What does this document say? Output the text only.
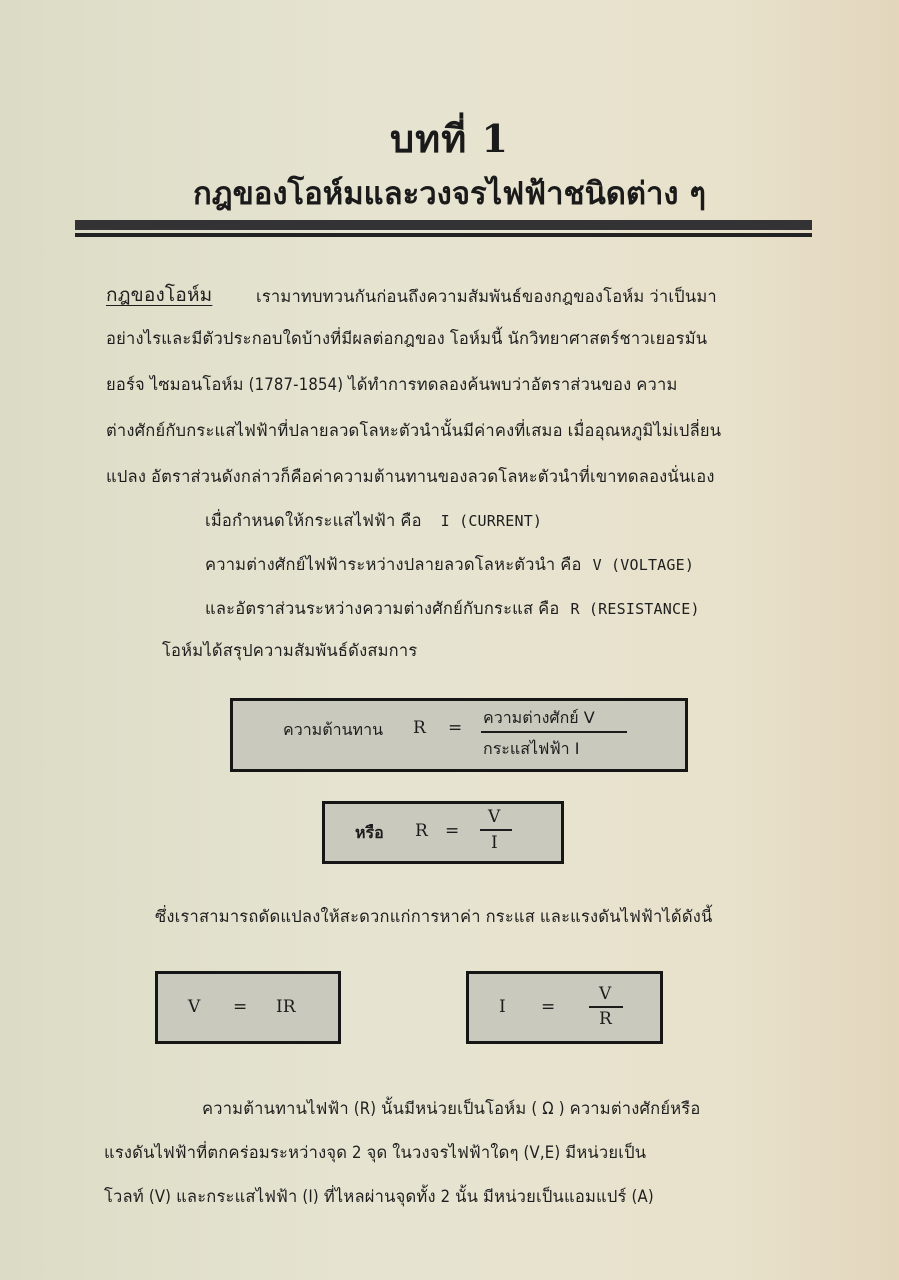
บทที่ 1
กฎของโอห์มและวงจรไฟฟ้าชนิดต่าง ๆ
กฎของโอห์ม	เรามาทบทวนกันก่อนถึงความสัมพันธ์ของกฎของโอห์ม ว่าเป็นมา
อย่างไรและมีตัวประกอบใดบ้างที่มีผลต่อกฎของ โอห์มนี้ นักวิทยาศาสตร์ชาวเยอรมัน
ยอร์จ ไซมอนโอห์ม (1787-1854) ได้ทำการทดลองค้นพบว่าอัตราส่วนของ ความ
ต่างศักย์กับกระแสไฟฟ้าที่ปลายลวดโลหะตัวนำนั้นมีค่าคงที่เสมอ เมื่ออุณหภูมิไม่เปลี่ยน
แปลง อัตราส่วนดังกล่าวก็คือค่าความต้านทานของลวดโลหะตัวนำที่เขาทดลองนั่นเอง
เมื่อกำหนดให้กระแสไฟฟ้า คือ I (CURRENT)
ความต่างศักย์ไฟฟ้าระหว่างปลายลวดโลหะตัวนำ คือ V (VOLTAGE)
และอัตราส่วนระหว่างความต่างศักย์กับกระแส คือ R (RESISTANCE)
โอห์มได้สรุปความสัมพันธ์ดังสมการ
ความต้านทาน R =
ความต่างศักย์ V
กระแสไฟฟ้า I
หรือ R =
V
I
ซึ่งเราสามารถดัดแปลงให้สะดวกแก่การหาค่า กระแส และแรงดันไฟฟ้าได้ดังนี้
V = IR	I =
V
R
ความต้านทานไฟฟ้า (R) นั้นมีหน่วยเป็นโอห์ม ( Ω ) ความต่างศักย์หรือ
แรงดันไฟฟ้าที่ตกคร่อมระหว่างจุด 2 จุด ในวงจรไฟฟ้าใดๆ (V,E) มีหน่วยเป็น
โวลท์ (V) และกระแสไฟฟ้า (I) ที่ไหลผ่านจุดทั้ง 2 นั้น มีหน่วยเป็นแอมแปร์ (A)
